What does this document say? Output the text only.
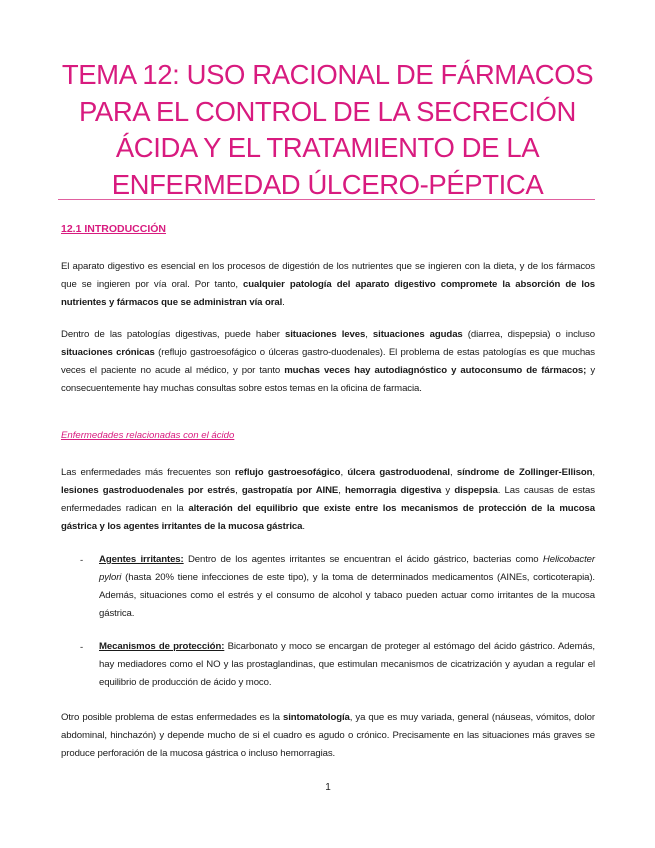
TEMA 12: USO RACIONAL DE FÁRMACOS PARA EL CONTROL DE LA SECRECIÓN ÁCIDA Y EL TRATAMIENTO DE LA ENFERMEDAD ÚLCERO-PÉPTICA
12.1 INTRODUCCIÓN

El aparato digestivo es esencial en los procesos de digestión de los nutrientes que se ingieren con la dieta, y de los fármacos que se ingieren por vía oral. Por tanto, cualquier patología del aparato digestivo compromete la absorción de los nutrientes y fármacos que se administran vía oral.

Dentro de las patologías digestivas, puede haber situaciones leves, situaciones agudas (diarrea, dispepsia) o incluso situaciones crónicas (reflujo gastroesofágico o úlceras gastro-duodenales). El problema de estas patologías es que muchas veces el paciente no acude al médico, y por tanto muchas veces hay autodiagnóstico y autoconsumo de fármacos; y consecuentemente hay muchas consultas sobre estos temas en la oficina de farmacia.

Enfermedades relacionadas con el ácido

Las enfermedades más frecuentes son reflujo gastroesofágico, úlcera gastroduodenal, síndrome de Zollinger-Ellison, lesiones gastroduodenales por estrés, gastropatía por AINE, hemorragia digestiva y dispepsia. Las causas de estas enfermedades radican en la alteración del equilibrio que existe entre los mecanismos de protección de la mucosa gástrica y los agentes irritantes de la mucosa gástrica.

- Agentes irritantes: Dentro de los agentes irritantes se encuentran el ácido gástrico, bacterias como Helicobacter pylori (hasta 20% tiene infecciones de este tipo), y la toma de determinados medicamentos (AINEs, corticoterapia). Además, situaciones como el estrés y el consumo de alcohol y tabaco pueden actuar como irritantes de la mucosa gástrica.

- Mecanismos de protección: Bicarbonato y moco se encargan de proteger al estómago del ácido gástrico. Además, hay mediadores como el NO y las prostaglandinas, que estimulan mecanismos de cicatrización y ayudan a regular el equilibrio de producción de ácido y moco.

Otro posible problema de estas enfermedades es la sintomatología, ya que es muy variada, general (náuseas, vómitos, dolor abdominal, hinchazón) y depende mucho de si el cuadro es agudo o crónico. Precisamente en las situaciones más graves se produce perforación de la mucosa gástrica o incluso hemorragias.

1
